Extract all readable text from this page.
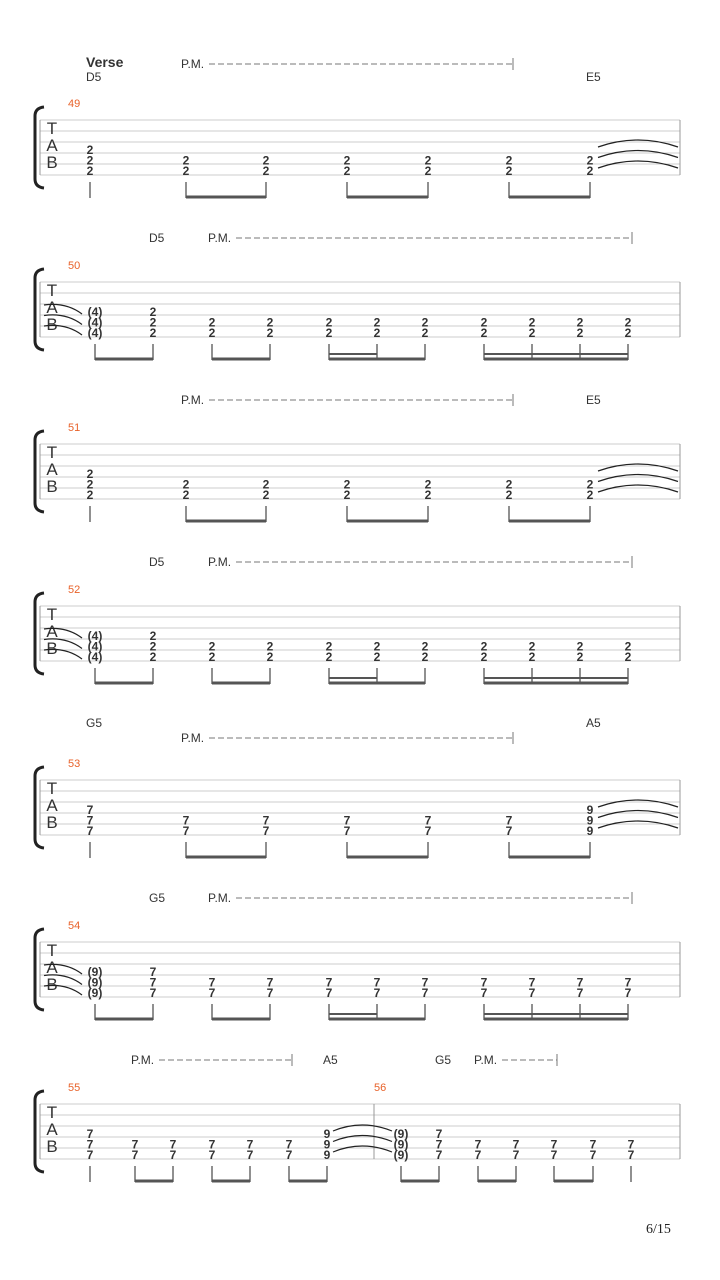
T
A
B
T
A
B
T
A
B
T
A
B
T
A
B
T
A
B
T
A
B
Verse
D5	E5
P.M.
49
2
2
2
2
2
2
2
2
2
2
2
2
2
2
2
D5	P.M.
50
(4)
(4)
(4)
2
2
2
2
2
2
2
2
2
2
2
2
2
2
2
2
2
2
2
2
2
E5
P.M.
51
2
2
2
2
2
2
2
2
2
2
2
2
2
2
2
D5	P.M.
52
(4)
(4)
(4)
2
2
2
2
2
2
2
2
2
2
2
2
2
2
2
2
2
2
2
2
2
G5	A5
P.M.
53
7
7
7
7
7
7
7
7
7
7
7
7
7
9
9
9
G5	P.M.
54
(9)
(9)
(9)
7
7
7
7
7
7
7
7
7
7
7
7
7
7
7
7
7
7
7
7
7
P.M.	A5	G5 P.M.
55	56
7
7
7
7
7
7
7
7
7
7
7
7
7
9
9
9
(9)
(9)
(9)
7
7
7
7
7
7
7
7
7
7
7
7
7
6/15
